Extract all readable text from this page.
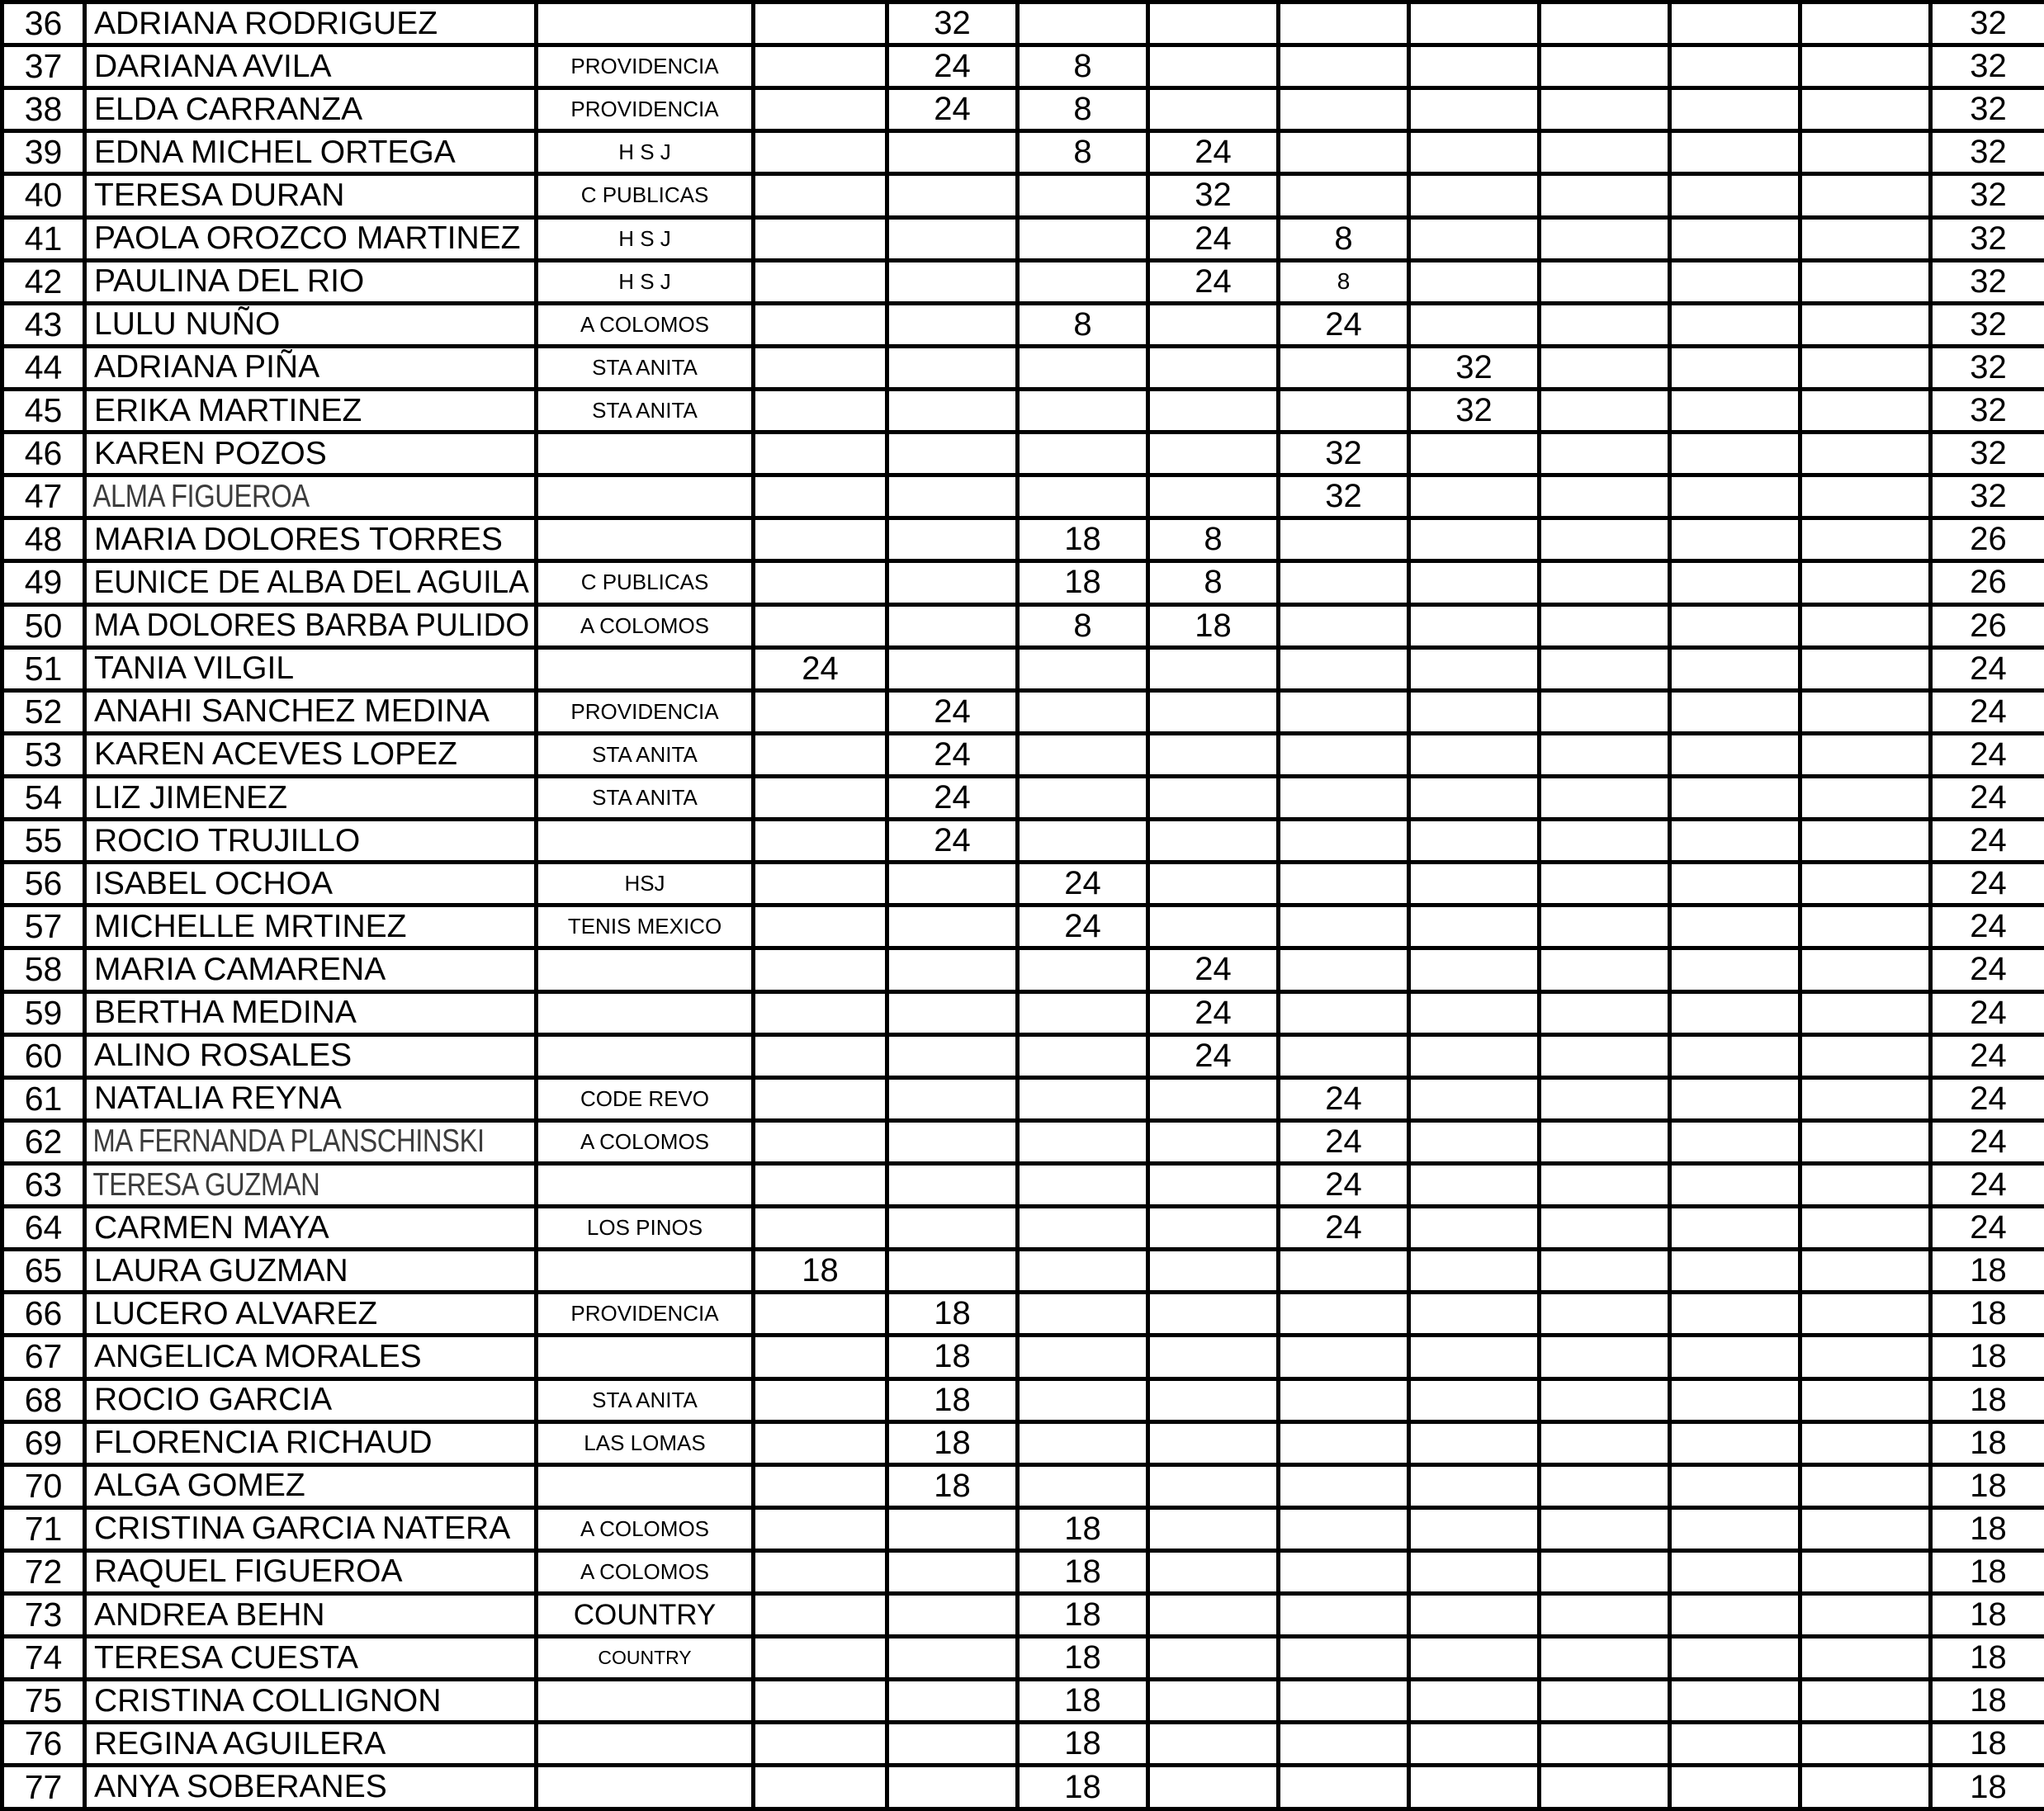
36	ADRIANA RODRIGUEZ			32								32
37	DARIANA AVILA	PROVIDENCIA		24	8							32
38	ELDA CARRANZA	PROVIDENCIA		24	8							32
39	EDNA MICHEL ORTEGA	H S J			8	24						32
40	TERESA DURAN	C PUBLICAS				32						32
41	PAOLA OROZCO MARTINEZ	H S J				24	8					32
42	PAULINA DEL RIO	H S J				24	8					32
43	LULU NUÑO	A COLOMOS			8		24					32
44	ADRIANA PIÑA	STA ANITA						32				32
45	ERIKA MARTINEZ	STA ANITA						32				32
46	KAREN POZOS						32					32
47	ALMA FIGUEROA						32					32
48	MARIA DOLORES TORRES				18	8						26
49	EUNICE DE ALBA DEL AGUILA	C PUBLICAS			18	8						26
50	MA DOLORES BARBA PULIDO	A COLOMOS			8	18						26
51	TANIA VILGIL		24									24
52	ANAHI SANCHEZ MEDINA	PROVIDENCIA		24								24
53	KAREN ACEVES LOPEZ	STA ANITA		24								24
54	LIZ JIMENEZ	STA ANITA		24								24
55	ROCIO TRUJILLO			24								24
56	ISABEL OCHOA	HSJ			24							24
57	MICHELLE MRTINEZ	TENIS MEXICO			24							24
58	MARIA CAMARENA					24						24
59	BERTHA MEDINA					24						24
60	ALINO ROSALES					24						24
61	NATALIA REYNA	CODE REVO					24					24
62	MA FERNANDA PLANSCHINSKI	A COLOMOS					24					24
63	TERESA GUZMAN						24					24
64	CARMEN MAYA	LOS PINOS					24					24
65	LAURA GUZMAN		18									18
66	LUCERO ALVAREZ	PROVIDENCIA		18								18
67	ANGELICA MORALES			18								18
68	ROCIO GARCIA	STA ANITA		18								18
69	FLORENCIA RICHAUD	LAS LOMAS		18								18
70	ALGA GOMEZ			18								18
71	CRISTINA GARCIA NATERA	A COLOMOS			18							18
72	RAQUEL FIGUEROA	A COLOMOS			18							18
73	ANDREA BEHN	COUNTRY			18							18
74	TERESA CUESTA	COUNTRY			18							18
75	CRISTINA COLLIGNON				18							18
76	REGINA AGUILERA				18							18
77	ANYA SOBERANES				18							18
